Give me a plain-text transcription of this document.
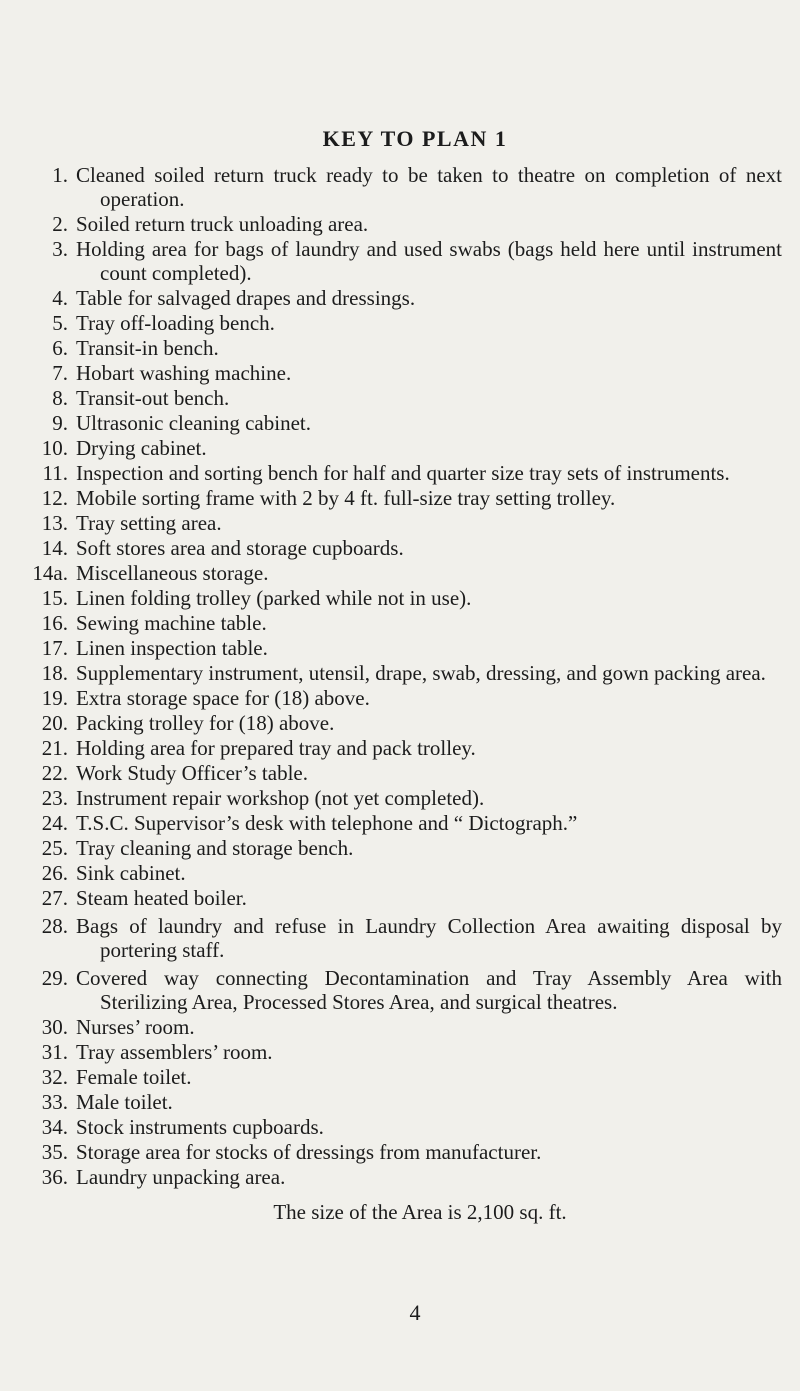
KEY TO PLAN 1
1. Cleaned soiled return truck ready to be taken to theatre on completion of next operation.
2. Soiled return truck unloading area.
3. Holding area for bags of laundry and used swabs (bags held here until instrument count completed).
4. Table for salvaged drapes and dressings.
5. Tray off-loading bench.
6. Transit-in bench.
7. Hobart washing machine.
8. Transit-out bench.
9. Ultrasonic cleaning cabinet.
10. Drying cabinet.
11. Inspection and sorting bench for half and quarter size tray sets of instruments.
12. Mobile sorting frame with 2 by 4 ft. full-size tray setting trolley.
13. Tray setting area.
14. Soft stores area and storage cupboards.
14a. Miscellaneous storage.
15. Linen folding trolley (parked while not in use).
16. Sewing machine table.
17. Linen inspection table.
18. Supplementary instrument, utensil, drape, swab, dressing, and gown packing area.
19. Extra storage space for (18) above.
20. Packing trolley for (18) above.
21. Holding area for prepared tray and pack trolley.
22. Work Study Officer’s table.
23. Instrument repair workshop (not yet completed).
24. T.S.C. Supervisor’s desk with telephone and “ Dictograph.”
25. Tray cleaning and storage bench.
26. Sink cabinet.
27. Steam heated boiler.
28. Bags of laundry and refuse in Laundry Collection Area awaiting disposal by portering staff.
29. Covered way connecting Decontamination and Tray Assembly Area with Sterilizing Area, Processed Stores Area, and surgical theatres.
30. Nurses’ room.
31. Tray assemblers’ room.
32. Female toilet.
33. Male toilet.
34. Stock instruments cupboards.
35. Storage area for stocks of dressings from manufacturer.
36. Laundry unpacking area.
The size of the Area is 2,100 sq. ft.
4
